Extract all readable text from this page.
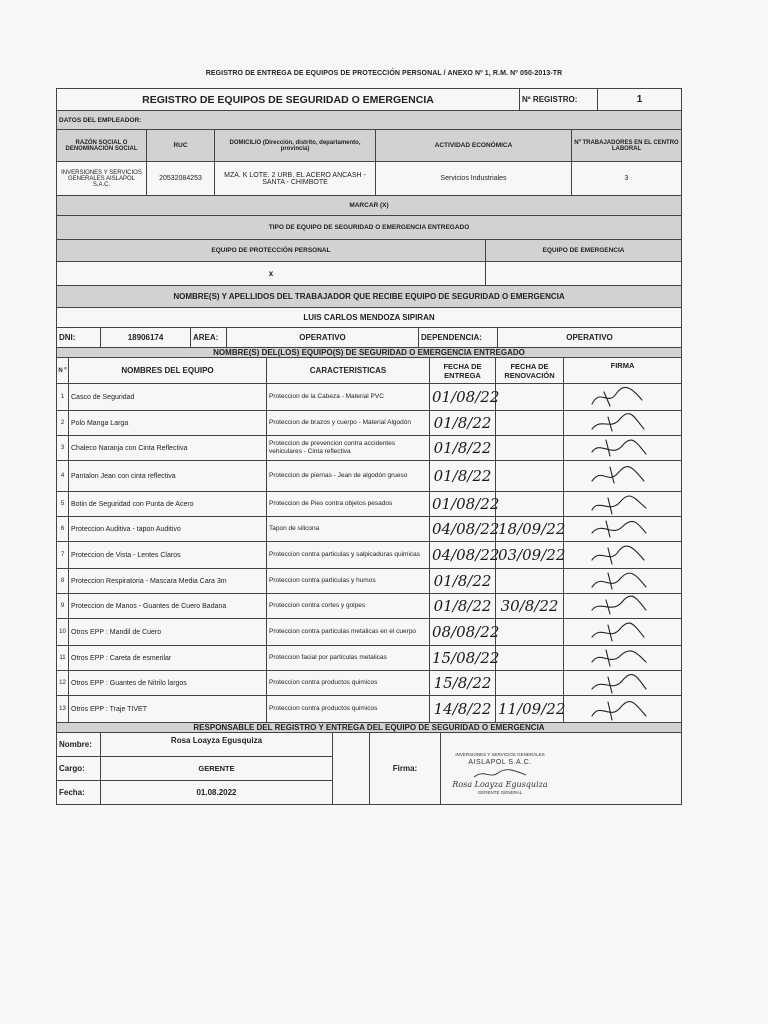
REGISTRO DE ENTREGA DE EQUIPOS DE PROTECCIÓN PERSONAL / ANEXO Nº 1, R.M. Nº 050-2013-TR
REGISTRO DE EQUIPOS DE SEGURIDAD O EMERGENCIA	Nº REGISTRO:	1
DATOS DEL EMPLEADOR:				
RAZÓN SOCIAL O DENOMINACIÓN SOCIAL	RUC	DOMICILIO (Dirección, distrito, departamento, provincia)	ACTIVIDAD ECONÓMICA	Nº TRABAJADORES EN EL CENTRO LABORAL
INVERSIONES Y SERVICIOS GENERALES AISLAPOL S.A.C.	20532084253	MZA. K LOTE. 2 URB. EL ACERO ANCASH - SANTA - CHIMBOTE	Servicios Industriales	3
MARCAR (X)	
TIPO DE EQUIPO DE SEGURIDAD O EMERGENCIA ENTREGADO	
EQUIPO DE PROTECCIÓN PERSONAL	EQUIPO DE EMERGENCIA
x	
NOMBRE(S) Y APELLIDOS DEL TRABAJADOR QUE RECIBE EQUIPO DE SEGURIDAD O EMERGENCIA
LUIS CARLOS MENDOZA SIPIRAN
DNI:	18906174	AREA:	OPERATIVO	DEPENDENCIA:	OPERATIVO
NOMBRE(S) DEL(LOS) EQUIPO(S) DE SEGURIDAD O EMERGENCIA ENTREGADO					
N º	NOMBRES DEL EQUIPO	CARACTERISTICAS	FECHA DE ENTREGA	FECHA DE RENOVACIÓN	FIRMA
1	Casco de Seguridad	Proteccion de la Cabeza - Material PVC	01/08/22		

2	Polo Manga Larga	Proteccion de brazos y cuerpo - Material Algodón	01/8/22		

3	Chaleco Naranja con Cinta Reflectiva	Proteccion de prevencion contra accidentes vehiculares - Cinta reflectiva	01/8/22		

4	Pantalon Jean con cinta reflectiva	Proteccion de piernas - Jean de algodón grueso	01/8/22		

5	Botin de Seguridad con Punta de Acero	Proteccion de Pies contra objetos pesados	01/08/22		

6	Proteccion Auditiva - tapon Auditivo	Tapon de silicona	04/08/22	18/09/22	

7	Proteccion de Vista - Lentes Claros	Proteccion contra particulas y salpicaduras quimicas	04/08/22	03/09/22	

8	Proteccion Respiratoria - Mascara Media Cara 3m	Proteccion contra particulas y humos	01/8/22		

9	Proteccion de Manos - Guantes de Cuero Badana	Proteccion contra cortes y golpes	01/8/22	30/8/22	

10	Otros EPP : Mandil de Cuero	Proteccion contra particulas metalicas en el cuerpo	08/08/22		

11	Otros EPP : Careta de esmerilar	Proteccion facial por particulas metalicas	15/08/22		

12	Otros EPP : Guantes de Nitrilo largos	Proteccion contra productos quimicos	15/8/22		

13	Otros EPP : Traje TIVET	Proteccion contra productos quimicos	14/8/22	11/09/22	
RESPONSABLE DEL REGISTRO Y ENTREGA DEL EQUIPO DE SEGURIDAD O EMERGENCIA				
Nombre:	Rosa Loayza Egusquiza			
Cargo:	GERENTE		Firma:	
Fecha:	01.08.2022			
INVERSIONES Y SERVICIOS GENERALES
AISLAPOL S.A.C.
Rosa Loayza Egusquiza
GERENTE GENERAL
